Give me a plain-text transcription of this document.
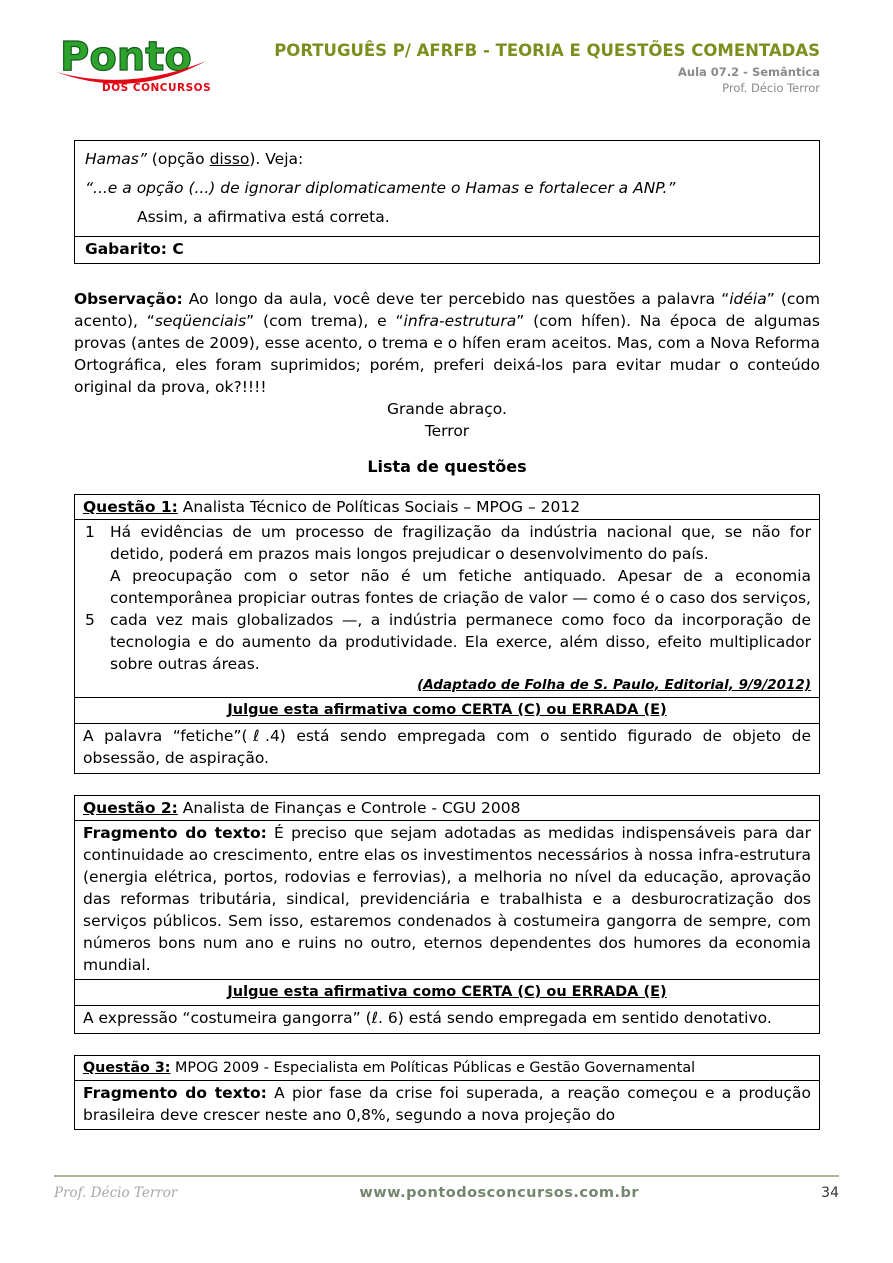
Ponto
DOS CONCURSOS
PORTUGUÊS P/ AFRFB - TEORIA E QUESTÕES COMENTADAS
Aula 07.2 - Semântica
Prof. Décio Terror

Hamas” (opção disso). Veja:

“...e a opção (...) de ignorar diplomaticamente o Hamas e fortalecer a ANP.”

Assim, a afirmativa está correta.

Gabarito: C

Observação: Ao longo da aula, você deve ter percebido nas questões a palavra “idéia” (com acento), “seqüenciais” (com trema), e “infra-estrutura” (com hífen). Na época de algumas provas (antes de 2009), esse acento, o trema e o hífen eram aceitos. Mas, com a Nova Reforma Ortográfica, eles foram suprimidos; porém, preferi deixá-los para evitar mudar o conteúdo original da prova, ok?!!!!

Grande abraço.

Terror

Lista de questões
Questão 1: Analista Técnico de Políticas Sociais – MPOG – 2012
1
5

Há evidências de um processo de fragilização da indústria nacional que, se não for detido, poderá em prazos mais longos prejudicar o desenvolvimento do país.

A preocupação com o setor não é um fetiche antiquado. Apesar de a economia contemporânea propiciar outras fontes de criação de valor — como é o caso dos serviços, cada vez mais globalizados —, a indústria permanece como foco da incorporação de tecnologia e do aumento da produtividade. Ela exerce, além disso, efeito multiplicador sobre outras áreas.

(Adaptado de Folha de S. Paulo, Editorial, 9/9/2012)
Julgue esta afirmativa como CERTA (C) ou ERRADA (E)
A palavra “fetiche”(ℓ.4) está sendo empregada com o sentido figurado de objeto de obsessão, de aspiração.
Questão 2: Analista de Finanças e Controle - CGU 2008
Fragmento do texto: É preciso que sejam adotadas as medidas indispensáveis para dar continuidade ao crescimento, entre elas os investimentos necessários à nossa infra-estrutura (energia elétrica, portos, rodovias e ferrovias), a melhoria no nível da educação, aprovação das reformas tributária, sindical, previdenciária e trabalhista e a desburocratização dos serviços públicos. Sem isso, estaremos condenados à costumeira gangorra de sempre, com números bons num ano e ruins no outro, eternos dependentes dos humores da economia mundial.
Julgue esta afirmativa como CERTA (C) ou ERRADA (E)
A expressão “costumeira gangorra” (ℓ. 6) está sendo empregada em sentido denotativo.
Questão 3: MPOG 2009 - Especialista em Políticas Públicas e Gestão Governamental
Fragmento do texto: A pior fase da crise foi superada, a reação começou e a produção brasileira deve crescer neste ano 0,8%, segundo a nova projeção do
Prof. Décio Terror	www.pontodosconcursos.com.br	34
